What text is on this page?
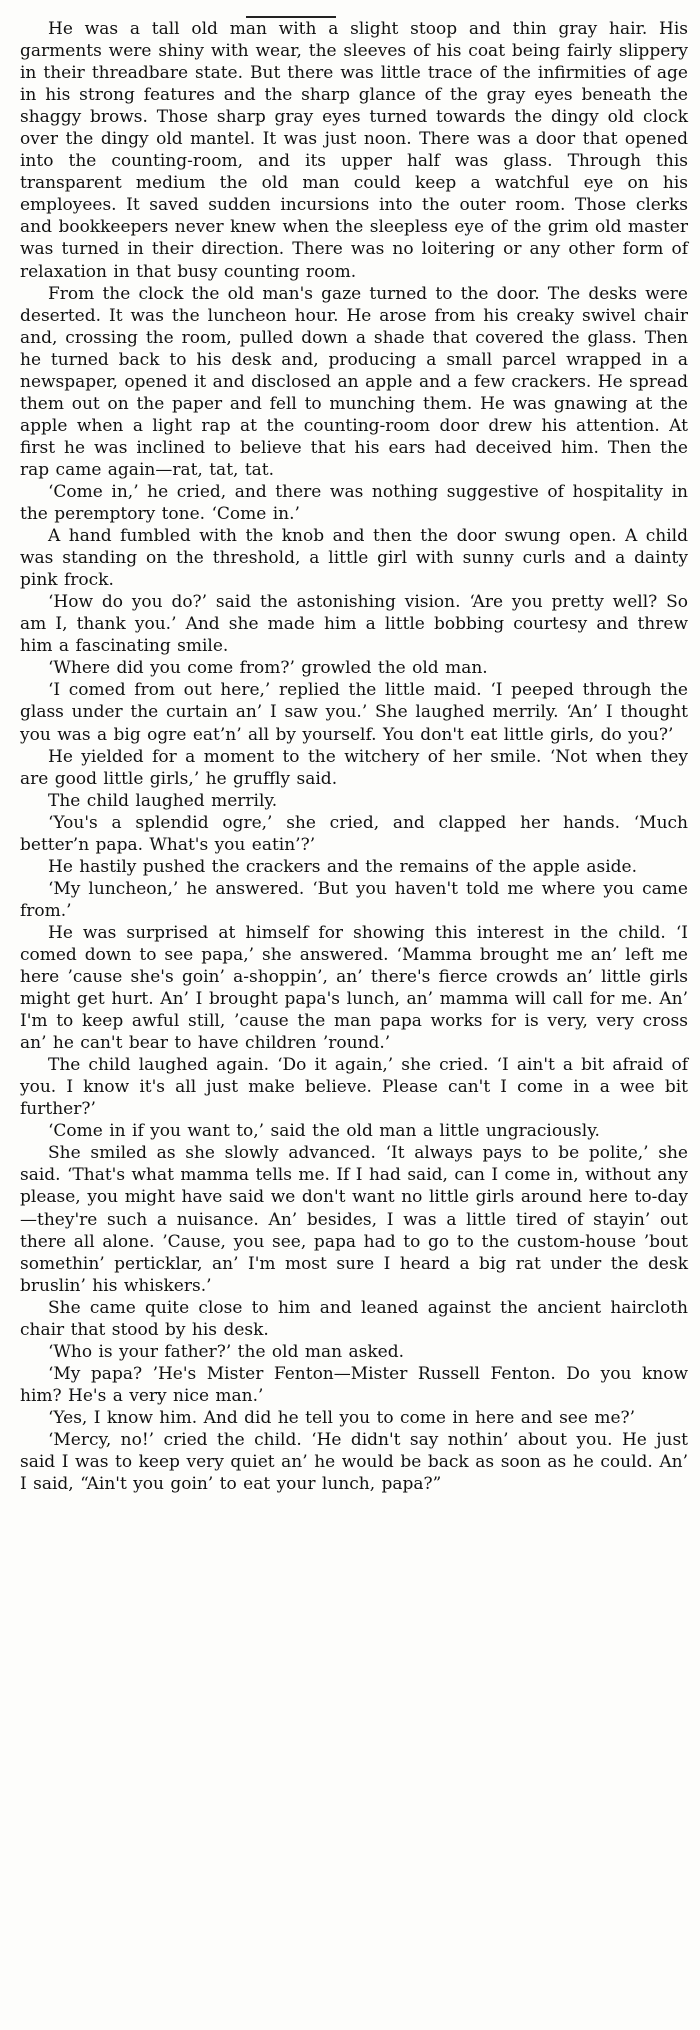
He was a tall old man with a slight stoop and thin gray hair. His garments were shiny with wear, the sleeves of his coat being fairly slippery in their threadbare state. But there was little trace of the infirmities of age in his strong features and the sharp glance of the gray eyes beneath the shaggy brows. Those sharp gray eyes turned towards the dingy old clock over the dingy old mantel. It was just noon. There was a door that opened into the counting-room, and its upper half was glass. Through this transparent medium the old man could keep a watchful eye on his employees. It saved sudden incursions into the outer room. Those clerks and bookkeepers never knew when the sleepless eye of the grim old master was turned in their direction. There was no loitering or any other form of relaxation in that busy counting room.

From the clock the old man's gaze turned to the door. The desks were deserted. It was the luncheon hour. He arose from his creaky swivel chair and, crossing the room, pulled down a shade that covered the glass. Then he turned back to his desk and, producing a small parcel wrapped in a newspaper, opened it and disclosed an apple and a few crackers. He spread them out on the paper and fell to munching them. He was gnawing at the apple when a light rap at the counting-room door drew his attention. At first he was inclined to believe that his ears had deceived him. Then the rap came again—rat, tat, tat.

‘Come in,’ he cried, and there was nothing suggestive of hospitality in the peremptory tone. ‘Come in.’

A hand fumbled with the knob and then the door swung open. A child was standing on the threshold, a little girl with sunny curls and a dainty pink frock.

‘How do you do?’ said the astonishing vision. ‘Are you pretty well? So am I, thank you.’ And she made him a little bobbing courtesy and threw him a fascinating smile.

‘Where did you come from?’ growled the old man.

‘I comed from out here,’ replied the little maid. ‘I peeped through the glass under the curtain an’ I saw you.’ She laughed merrily. ‘An’ I thought you was a big ogre eat’n’ all by yourself. You don't eat little girls, do you?’

He yielded for a moment to the witchery of her smile. ‘Not when they are good little girls,’ he gruffly said.

The child laughed merrily.

‘You's a splendid ogre,’ she cried, and clapped her hands. ‘Much better’n papa. What's you eatin’?’

He hastily pushed the crackers and the remains of the apple aside.

‘My luncheon,’ he answered. ‘But you haven't told me where you came from.’

He was surprised at himself for showing this interest in the child. ‘I comed down to see papa,’ she answered. ‘Mamma brought me an’ left me here ’cause she's goin’ a-shoppin’, an’ there's fierce crowds an’ little girls might get hurt. An’ I brought papa's lunch, an’ mamma will call for me. An’ I'm to keep awful still, ’cause the man papa works for is very, very cross an’ he can't bear to have children ’round.’

The child laughed again. ‘Do it again,’ she cried. ‘I ain't a bit afraid of you. I know it's all just make believe. Please can't I come in a wee bit further?’

‘Come in if you want to,’ said the old man a little ungraciously.

She smiled as she slowly advanced. ‘It always pays to be polite,’ she said. ‘That's what mamma tells me. If I had said, can I come in, without any please, you might have said we don't want no little girls around here to-day—they're such a nuisance. An’ besides, I was a little tired of stayin’ out there all alone. ’Cause, you see, papa had to go to the custom-house ’bout somethin’ perticklar, an’ I'm most sure I heard a big rat under the desk bruslin’ his whiskers.’

She came quite close to him and leaned against the ancient haircloth chair that stood by his desk.

‘Who is your father?’ the old man asked.

‘My papa? ’He's Mister Fenton—Mister Russell Fenton. Do you know him? He's a very nice man.’

‘Yes, I know him. And did he tell you to come in here and see me?’

‘Mercy, no!’ cried the child. ‘He didn't say nothin’ about you. He just said I was to keep very quiet an’ he would be back as soon as he could. An’ I said, “Ain't you goin’ to eat your lunch, papa?”
